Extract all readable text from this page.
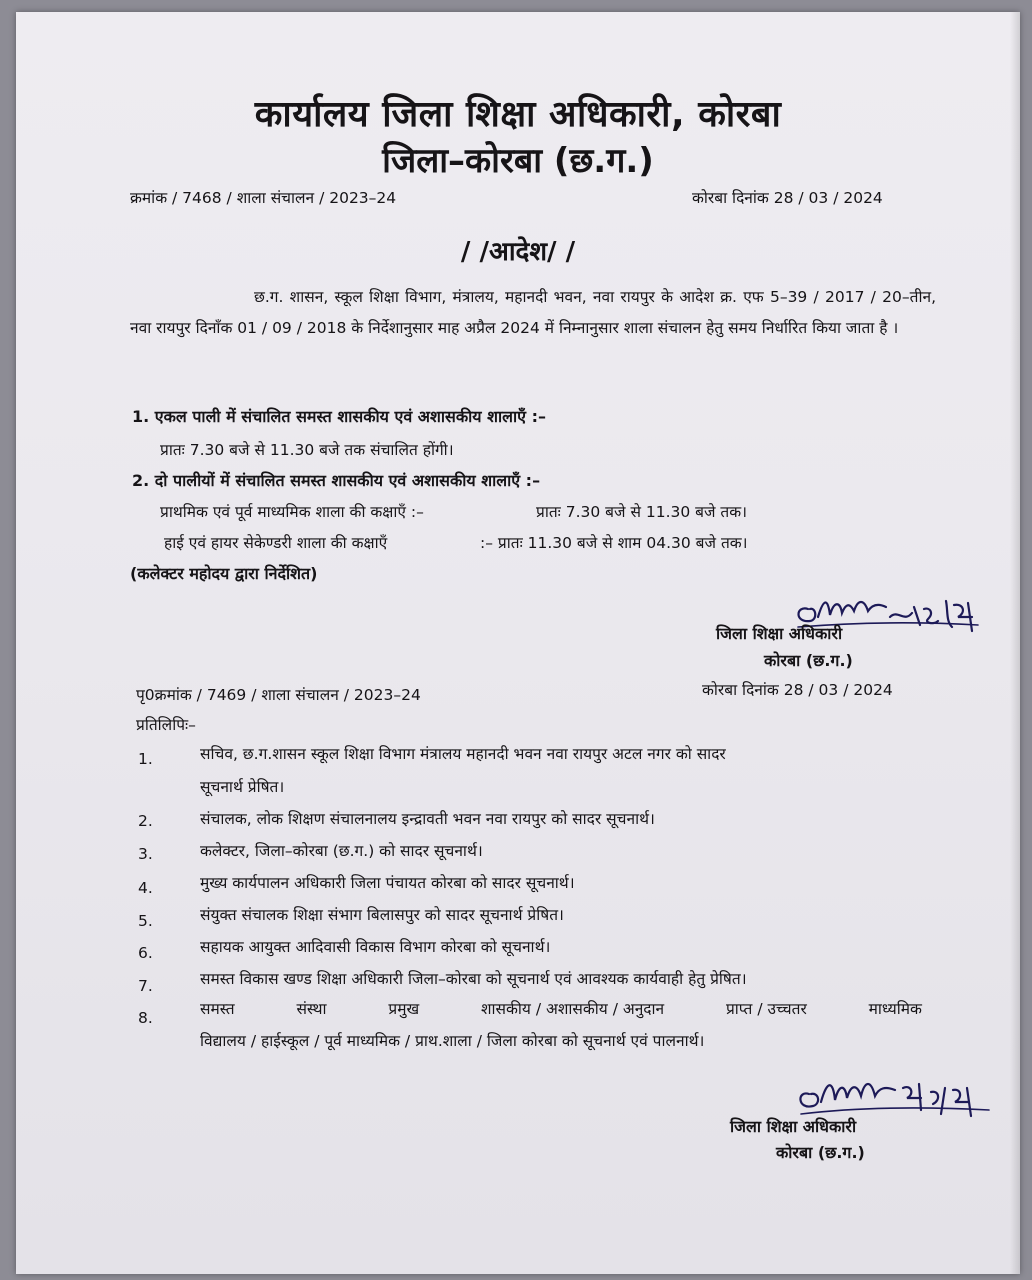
कार्यालय जिला शिक्षा अधिकारी, कोरबा
जिला–कोरबा (छ.ग.)
क्रमांक / 7468 / शाला संचालन / 2023–24	कोरबा दिनांक 28 / 03 / 2024
/ /आदेश/ /
छ.ग. शासन, स्कूल शिक्षा विभाग, मंत्रालय, महानदी भवन, नवा रायपुर के आदेश क्र. एफ 5–39 / 2017 / 20–तीन, नवा रायपुर दिनाँक 01 / 09 / 2018 के निर्देशानुसार माह अप्रैल 2024 में निम्नानुसार शाला संचालन हेतु समय निर्धारित किया जाता है ।
1. एकल पाली में संचालित समस्त शासकीय एवं अशासकीय शालाएँ :–
प्रातः 7.30 बजे से 11.30 बजे तक संचालित होंगी।
2. दो पालीयों में संचालित समस्त शासकीय एवं अशासकीय शालाएँ :–
प्राथमिक एवं पूर्व माध्यमिक शाला की कक्षाएँ :–	प्रातः 7.30 बजे से 11.30 बजे तक।
हाई एवं हायर सेकेण्डरी शाला की कक्षाएँ	:– प्रातः 11.30 बजे से शाम 04.30 बजे तक।
(कलेक्टर महोदय द्वारा निर्देशित)
जिला शिक्षा अधिकारी
कोरबा (छ.ग.)
पृ0क्रमांक / 7469 / शाला संचालन / 2023–24	कोरबा दिनांक 28 / 03 / 2024
प्रतिलिपिः–
1.	सचिव, छ.ग.शासन स्कूल शिक्षा विभाग मंत्रालय महानदी भवन नवा रायपुर अटल नगर को सादर
सूचनार्थ प्रेषित।
2.	संचालक, लोक शिक्षण संचालनालय इन्द्रावती भवन नवा रायपुर को सादर सूचनार्थ।
3.	कलेक्टर, जिला–कोरबा (छ.ग.) को सादर सूचनार्थ।
4.	मुख्य कार्यपालन अधिकारी जिला पंचायत कोरबा को सादर सूचनार्थ।
5.	संयुक्त संचालक शिक्षा संभाग बिलासपुर को सादर सूचनार्थ प्रेषित।
6.	सहायक आयुक्त आदिवासी विकास विभाग कोरबा को सूचनार्थ।
7.	समस्त विकास खण्ड शिक्षा अधिकारी जिला–कोरबा को सूचनार्थ एवं आवश्यक कार्यवाही हेतु प्रेषित।
8.	समस्त	संस्था	प्रमुख	शासकीय / अशासकीय / अनुदान	प्राप्त / उच्चतर	माध्यमिक
विद्यालय / हाईस्कूल / पूर्व माध्यमिक / प्राथ.शाला / जिला कोरबा को सूचनार्थ एवं पालनार्थ।
जिला शिक्षा अधिकारी
कोरबा (छ.ग.)
